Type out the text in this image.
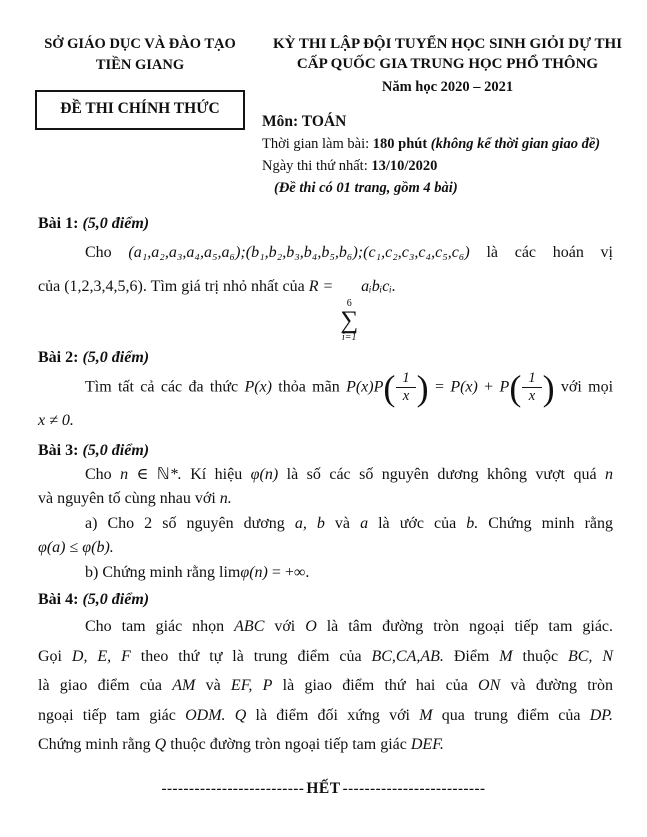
SỞ GIÁO DỤC VÀ ĐÀO TẠO
TIỀN GIANG
ĐỀ THI CHÍNH THỨC
KỲ THI LẬP ĐỘI TUYỂN HỌC SINH GIỎI DỰ THI
CẤP QUỐC GIA TRUNG HỌC PHỔ THÔNG
Năm học 2020 – 2021
Môn: TOÁN
Thời gian làm bài: 180 phút (không kể thời gian giao đề)
Ngày thi thứ nhất: 13/10/2020
(Đề thi có 01 trang, gồm 4 bài)
Bài 1: (5,0 điểm)
Cho (a₁,a₂,a₃,a₄,a₅,a₆);(b₁,b₂,b₃,b₄,b₅,b₆);(c₁,c₂,c₃,c₄,c₅,c₆) là các hoán vị
của (1,2,3,4,5,6). Tìm giá trị nhỏ nhất của R =
6
∑
i=1
aᵢbᵢcᵢ.
Bài 2: (5,0 điểm)
Tìm tất cả các đa thức P(x) thỏa mãn P(x)P ( $\frac{1}{x}$ ) = P(x) + P ( $\frac{1}{x}$ ) với mọi
x ≠ 0.
Bài 3: (5,0 điểm)
Cho n ∈ ℕ*. Kí hiệu φ(n) là số các số nguyên dương không vượt quá n
và nguyên tố cùng nhau với n.
a) Cho 2 số nguyên dương a, b và a là ước của b. Chứng minh rằng
φ(a) ≤ φ(b).
b) Chứng minh rằng limφ(n) = +∞.
Bài 4: (5,0 điểm)
Cho tam giác nhọn ABC với O là tâm đường tròn ngoại tiếp tam giác.
Gọi D, E, F theo thứ tự là trung điểm của BC,CA,AB. Điểm M thuộc BC, N
là giao điểm của AM và EF, P là giao điểm thứ hai của ON và đường tròn
ngoại tiếp tam giác ODM. Q là điểm đối xứng với M qua trung điểm của DP.
Chứng minh rằng Q thuộc đường tròn ngoại tiếp tam giác DEF.
-------------------------- HẾT --------------------------
